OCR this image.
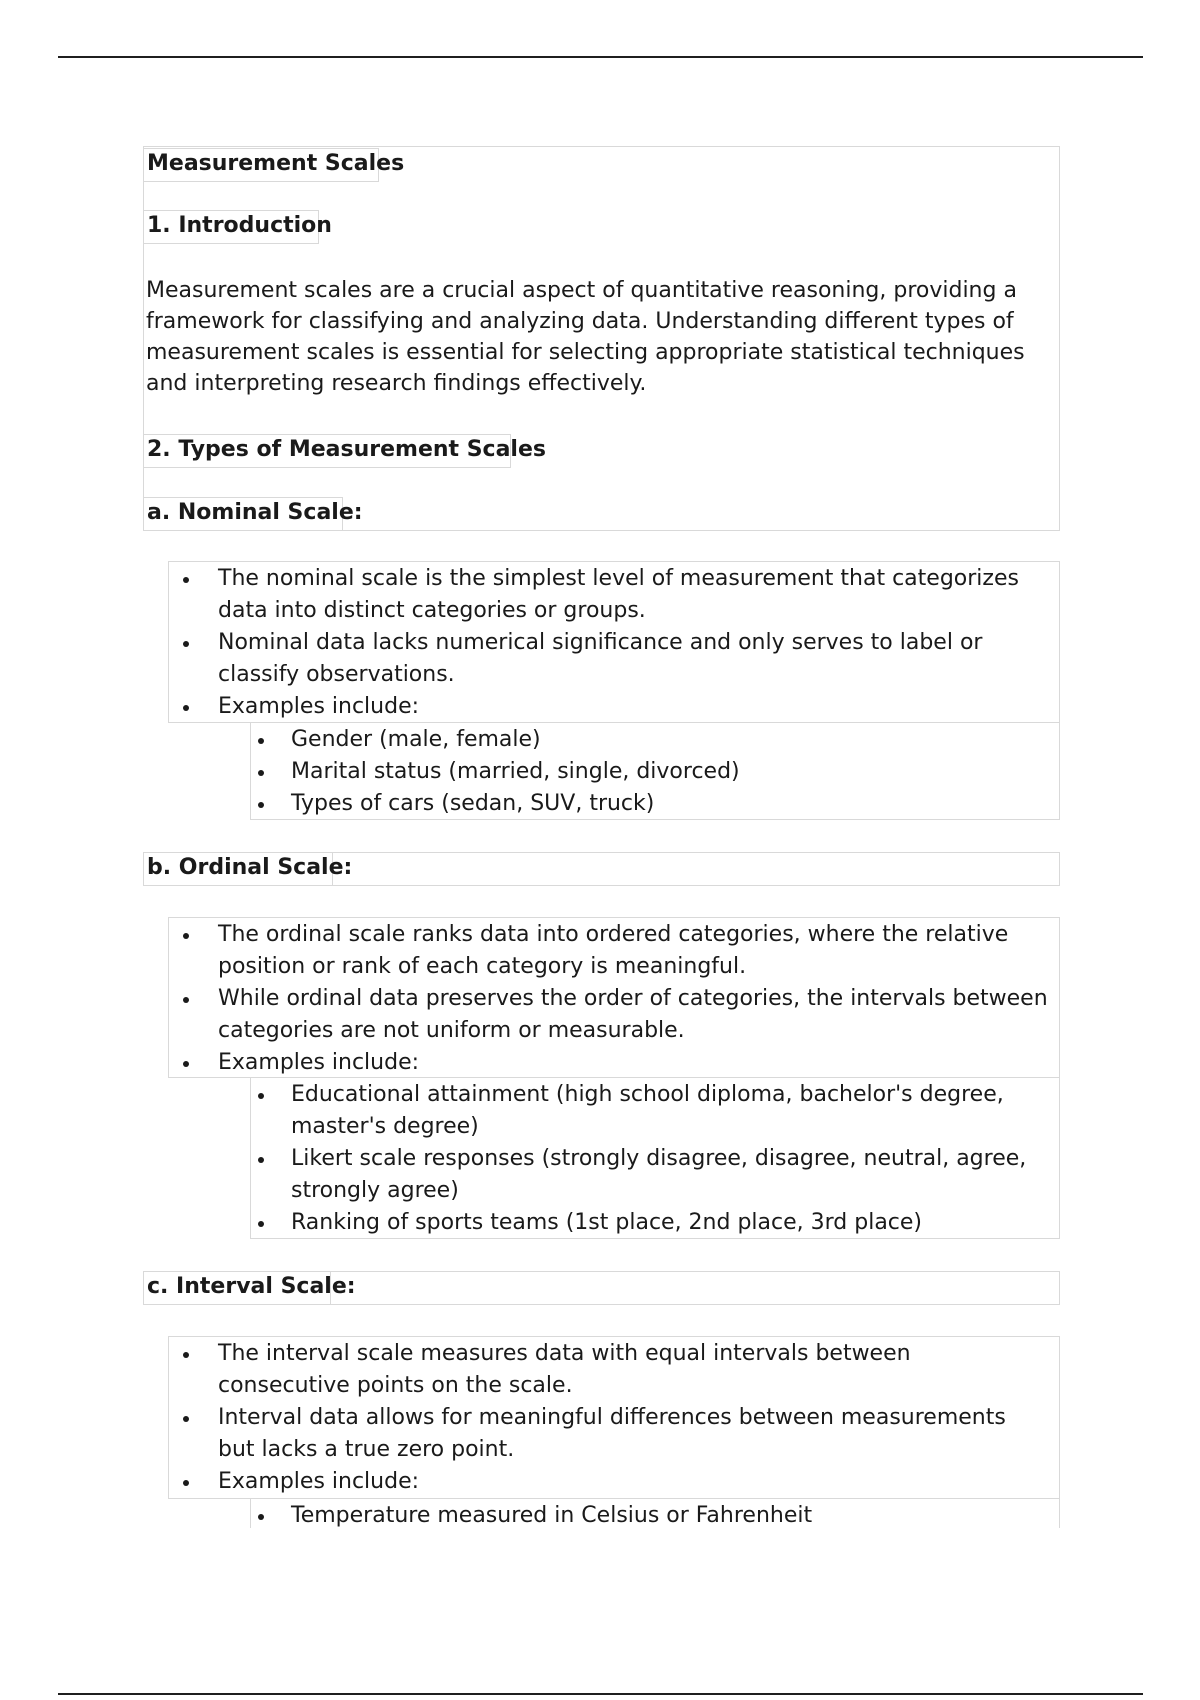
Measurement Scales
1. Introduction

Measurement scales are a crucial aspect of quantitative reasoning, providing a framework for classifying and analyzing data. Understanding different types of measurement scales is essential for selecting appropriate statistical techniques and interpreting research findings effectively.

2. Types of Measurement Scales
a. Nominal Scale:
The nominal scale is the simplest level of measurement that categorizes data into distinct categories or groups.
Nominal data lacks numerical significance and only serves to label or classify observations.
Examples include:
Gender (male, female)
Marital status (married, single, divorced)
Types of cars (sedan, SUV, truck)
b. Ordinal Scale:
The ordinal scale ranks data into ordered categories, where the relative position or rank of each category is meaningful.
While ordinal data preserves the order of categories, the intervals between categories are not uniform or measurable.
Examples include:
Educational attainment (high school diploma, bachelor's degree, master's degree)
Likert scale responses (strongly disagree, disagree, neutral, agree, strongly agree)
Ranking of sports teams (1st place, 2nd place, 3rd place)
c. Interval Scale:
The interval scale measures data with equal intervals between consecutive points on the scale.
Interval data allows for meaningful differences between measurements but lacks a true zero point.
Examples include:
Temperature measured in Celsius or Fahrenheit
